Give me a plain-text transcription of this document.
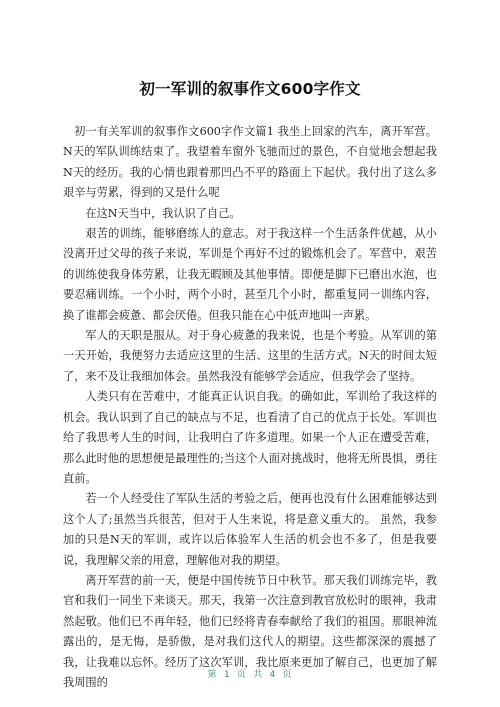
初一军训的叙事作文600字作文

初一有关军训的叙事作文600字作文篇1 我坐上回家的汽车，离开军营。N天的军队训练结束了。我望着车窗外飞驰而过的景色，不自觉地会想起我N天的经历。我的心情也跟着那凹凸不平的路面上下起伏。我付出了这么多艰辛与劳累，得到的又是什么呢

在这N天当中，我认识了自己。

艰苦的训练，能够磨练人的意志。对于我这样一个生活条件优越，从小没离开过父母的孩子来说，军训是个再好不过的锻炼机会了。军营中，艰苦的训练使我身体劳累，让我无暇顾及其他事情。即便是脚下已磨出水泡，也要忍痛训练。一个小时，两个小时，甚至几个小时，都重复同一训练内容，换了谁都会疲惫、都会厌倦。但我只能在心中低声地叫一声累。

军人的天职是服从。对于身心疲惫的我来说，也是个考验。从军训的第一天开始，我便努力去适应这里的生活、这里的生活方式。N天的时间太短了，来不及让我细加体会。虽然我没有能够学会适应，但我学会了坚持。

人类只有在苦难中，才能真正认识自我。的确如此，军训给了我这样的机会。我认识到了自己的缺点与不足，也看清了自己的优点于长处。军训也给了我思考人生的时间，让我明白了许多道理。如果一个人正在遭受苦难，那么此时他的思想便是最理性的;当这个人面对挑战时，他将无所畏惧，勇往直前。

若一个人经受住了军队生活的考验之后，便再也没有什么困难能够达到这个人了;虽然当兵很苦，但对于人生来说，将是意义重大的。 虽然，我参加的只是N天的军训，或许以后体验军人生活的机会也不多了，但是我要说，我理解父亲的用意，理解他对我的期望。

离开军营的前一天，便是中国传统节日中秋节。那天我们训练完毕，教官和我们一同坐下来谈天。那天，我第一次注意到教官放松时的眼神，我肃然起敬。他们已不再年轻，他们已经将青春奉献给了我们的祖国。那眼神流露出的，是无悔，是骄傲，是对我们这代人的期望。这些都深深的震撼了我，让我难以忘怀。经历了这次军训，我比原来更加了解自己，也更加了解我周围的

第 1 页 共 4 页
